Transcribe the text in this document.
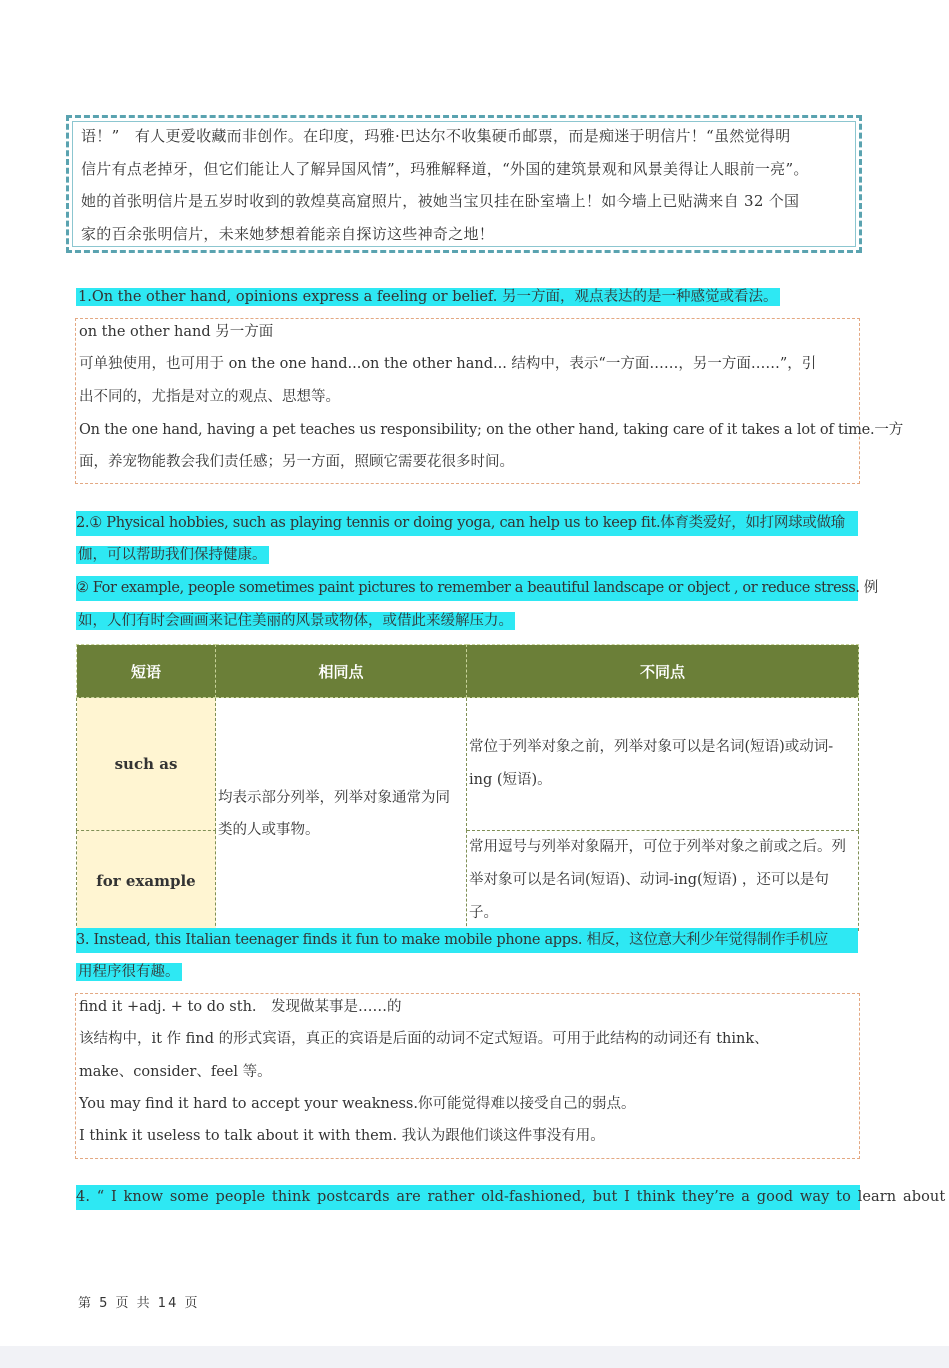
语！”　有人更爱收藏而非创作。在印度，玛雅·巴达尔不收集硬币邮票，而是痴迷于明信片！“虽然觉得明
信片有点老掉牙，但它们能让人了解异国风情”，玛雅解释道，“外国的建筑景观和风景美得让人眼前一亮”。
她的首张明信片是五岁时收到的敦煌莫高窟照片，被她当宝贝挂在卧室墙上！如今墙上已贴满来自 32 个国
家的百余张明信片，未来她梦想着能亲自探访这些神奇之地！
1.On the other hand, opinions express a feeling or belief. 另一方面，观点表达的是一种感觉或看法。
on the other hand 另一方面
可单独使用，也可用于 on the one hand...on the other hand... 结构中，表示“一方面……，另一方面……”，引
出不同的，尤指是对立的观点、思想等。
On the one hand, having a pet teaches us responsibility; on the other hand, taking care of it takes a lot of time.一方
面，养宠物能教会我们责任感；另一方面，照顾它需要花很多时间。
2.① Physical hobbies, such as playing tennis or doing yoga, can help us to keep fit.体育类爱好，如打网球或做瑜
伽，可以帮助我们保持健康。
② For example, people sometimes paint pictures to remember a beautiful landscape or object , or reduce stress. 例
如，人们有时会画画来记住美丽的风景或物体，或借此来缓解压力。
短语	相同点	不同点
such as	均表示部分列举，列举对象通常为同类的人或事物。	常位于列举对象之前，列举对象可以是名词(短语)或动词-ing (短语)。
for example		常用逗号与列举对象隔开，可位于列举对象之前或之后。列举对象可以是名词(短语)、动词-ing(短语) ，还可以是句子。
3. Instead, this Italian teenager finds it fun to make mobile phone apps. 相反，这位意大利少年觉得制作手机应
用程序很有趣。
find it +adj. + to do sth.　发现做某事是……的
该结构中，it 作 find 的形式宾语，真正的宾语是后面的动词不定式短语。可用于此结构的动词还有 think、
make、consider、feel 等。
You may find it hard to accept your weakness.你可能觉得难以接受自己的弱点。
I think it useless to talk about it with them. 我认为跟他们谈这件事没有用。
4. “ I know some people think postcards are rather old-fashioned, but I think they’re a good way to learn about
第 5 页 共 14 页
